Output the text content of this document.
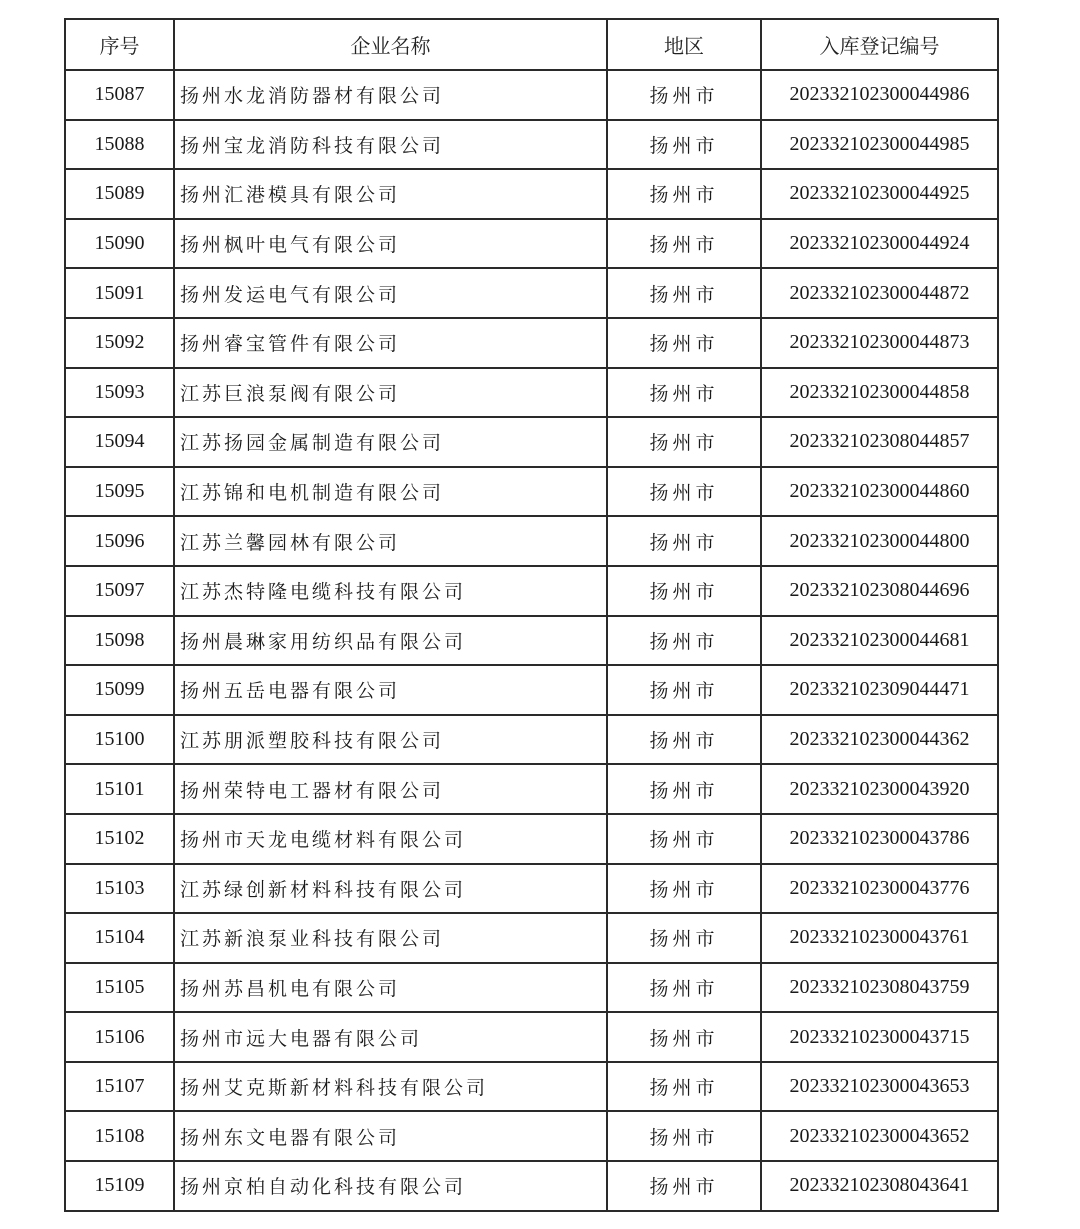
序号	企业名称	地区	入库登记编号
15087	扬州水龙消防器材有限公司	扬州市	202332102300044986
15088	扬州宝龙消防科技有限公司	扬州市	202332102300044985
15089	扬州汇港模具有限公司	扬州市	202332102300044925
15090	扬州枫叶电气有限公司	扬州市	202332102300044924
15091	扬州发运电气有限公司	扬州市	202332102300044872
15092	扬州睿宝管件有限公司	扬州市	202332102300044873
15093	江苏巨浪泵阀有限公司	扬州市	202332102300044858
15094	江苏扬园金属制造有限公司	扬州市	202332102308044857
15095	江苏锦和电机制造有限公司	扬州市	202332102300044860
15096	江苏兰馨园林有限公司	扬州市	202332102300044800
15097	江苏杰特隆电缆科技有限公司	扬州市	202332102308044696
15098	扬州晨琳家用纺织品有限公司	扬州市	202332102300044681
15099	扬州五岳电器有限公司	扬州市	202332102309044471
15100	江苏朋派塑胶科技有限公司	扬州市	202332102300044362
15101	扬州荣特电工器材有限公司	扬州市	202332102300043920
15102	扬州市天龙电缆材料有限公司	扬州市	202332102300043786
15103	江苏绿创新材料科技有限公司	扬州市	202332102300043776
15104	江苏新浪泵业科技有限公司	扬州市	202332102300043761
15105	扬州苏昌机电有限公司	扬州市	202332102308043759
15106	扬州市远大电器有限公司	扬州市	202332102300043715
15107	扬州艾克斯新材料科技有限公司	扬州市	202332102300043653
15108	扬州东文电器有限公司	扬州市	202332102300043652
15109	扬州京柏自动化科技有限公司	扬州市	202332102308043641
